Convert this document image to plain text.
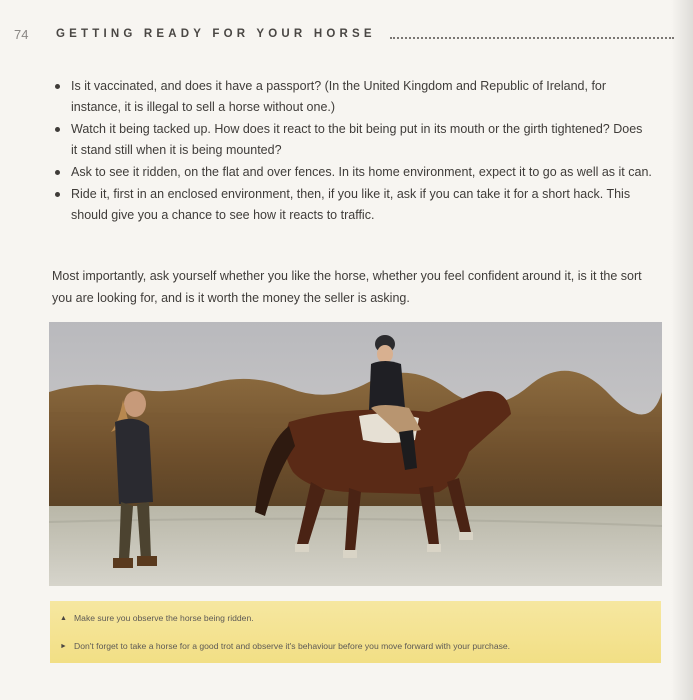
74	GETTING READY FOR YOUR HORSE
Is it vaccinated, and does it have a passport? (In the United Kingdom and Republic of Ireland, for instance, it is illegal to sell a horse without one.)
Watch it being tacked up. How does it react to the bit being put in its mouth or the girth tightened? Does it stand still when it is being mounted?
Ask to see it ridden, on the flat and over fences. In its home environment, expect it to go as well as it can.
Ride it, first in an enclosed environment, then, if you like it, ask if you can take it for a short hack. This should give you a chance to see how it reacts to traffic.

Most importantly, ask yourself whether you like the horse, whether you feel confident around it, is it the sort you are looking for, and is it worth the money the seller is asking.

▲ Make sure you observe the horse being ridden.
► Don't forget to take a horse for a good trot and observe it's behaviour before you move forward with your purchase.
